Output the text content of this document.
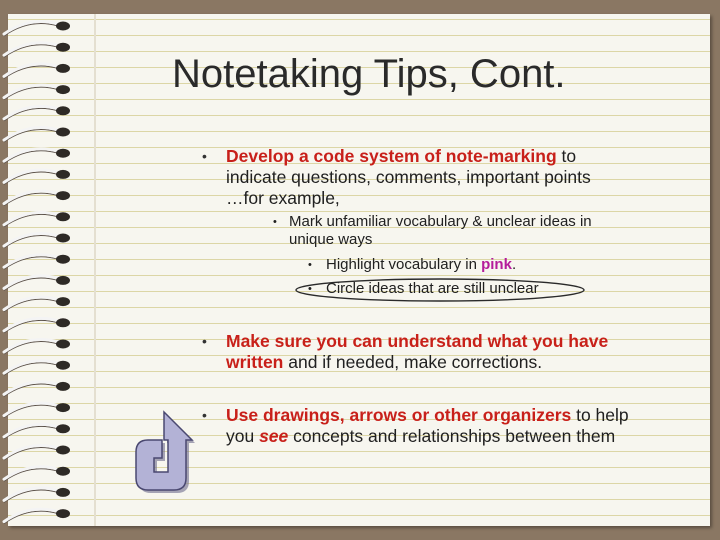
Notetaking Tips, Cont.
• Develop a code system of note-marking to
indicate questions, comments, important points
…for example,
• Mark unfamiliar vocabulary & unclear ideas in
unique ways
• Highlight vocabulary in pink.
• Circle ideas that are still unclear
• Make sure you can understand what you have
written and if needed, make corrections.
• Use drawings, arrows or other organizers to help
you see concepts and relationships between them
